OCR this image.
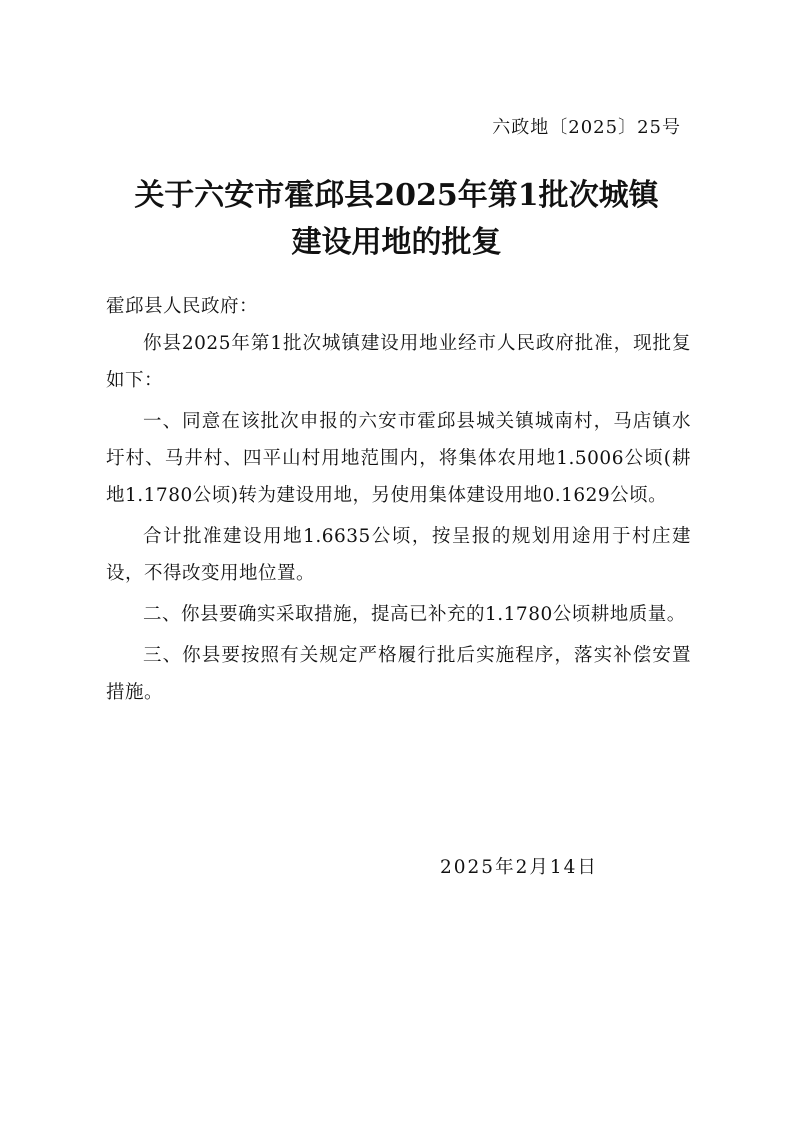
六政地〔2025〕25号
关于六安市霍邱县2025年第1批次城镇
建设用地的批复

霍邱县人民政府：

你县2025年第1批次城镇建设用地业经市人民政府批准，现批复如下：

一、同意在该批次申报的六安市霍邱县城关镇城南村，马店镇水圩村、马井村、四平山村用地范围内，将集体农用地1.5006公顷(耕地1.1780公顷)转为建设用地，另使用集体建设用地0.1629公顷。

合计批准建设用地1.6635公顷，按呈报的规划用途用于村庄建设，不得改变用地位置。

二、你县要确实采取措施，提高已补充的1.1780公顷耕地质量。

三、你县要按照有关规定严格履行批后实施程序，落实补偿安置措施。

2025年2月14日
